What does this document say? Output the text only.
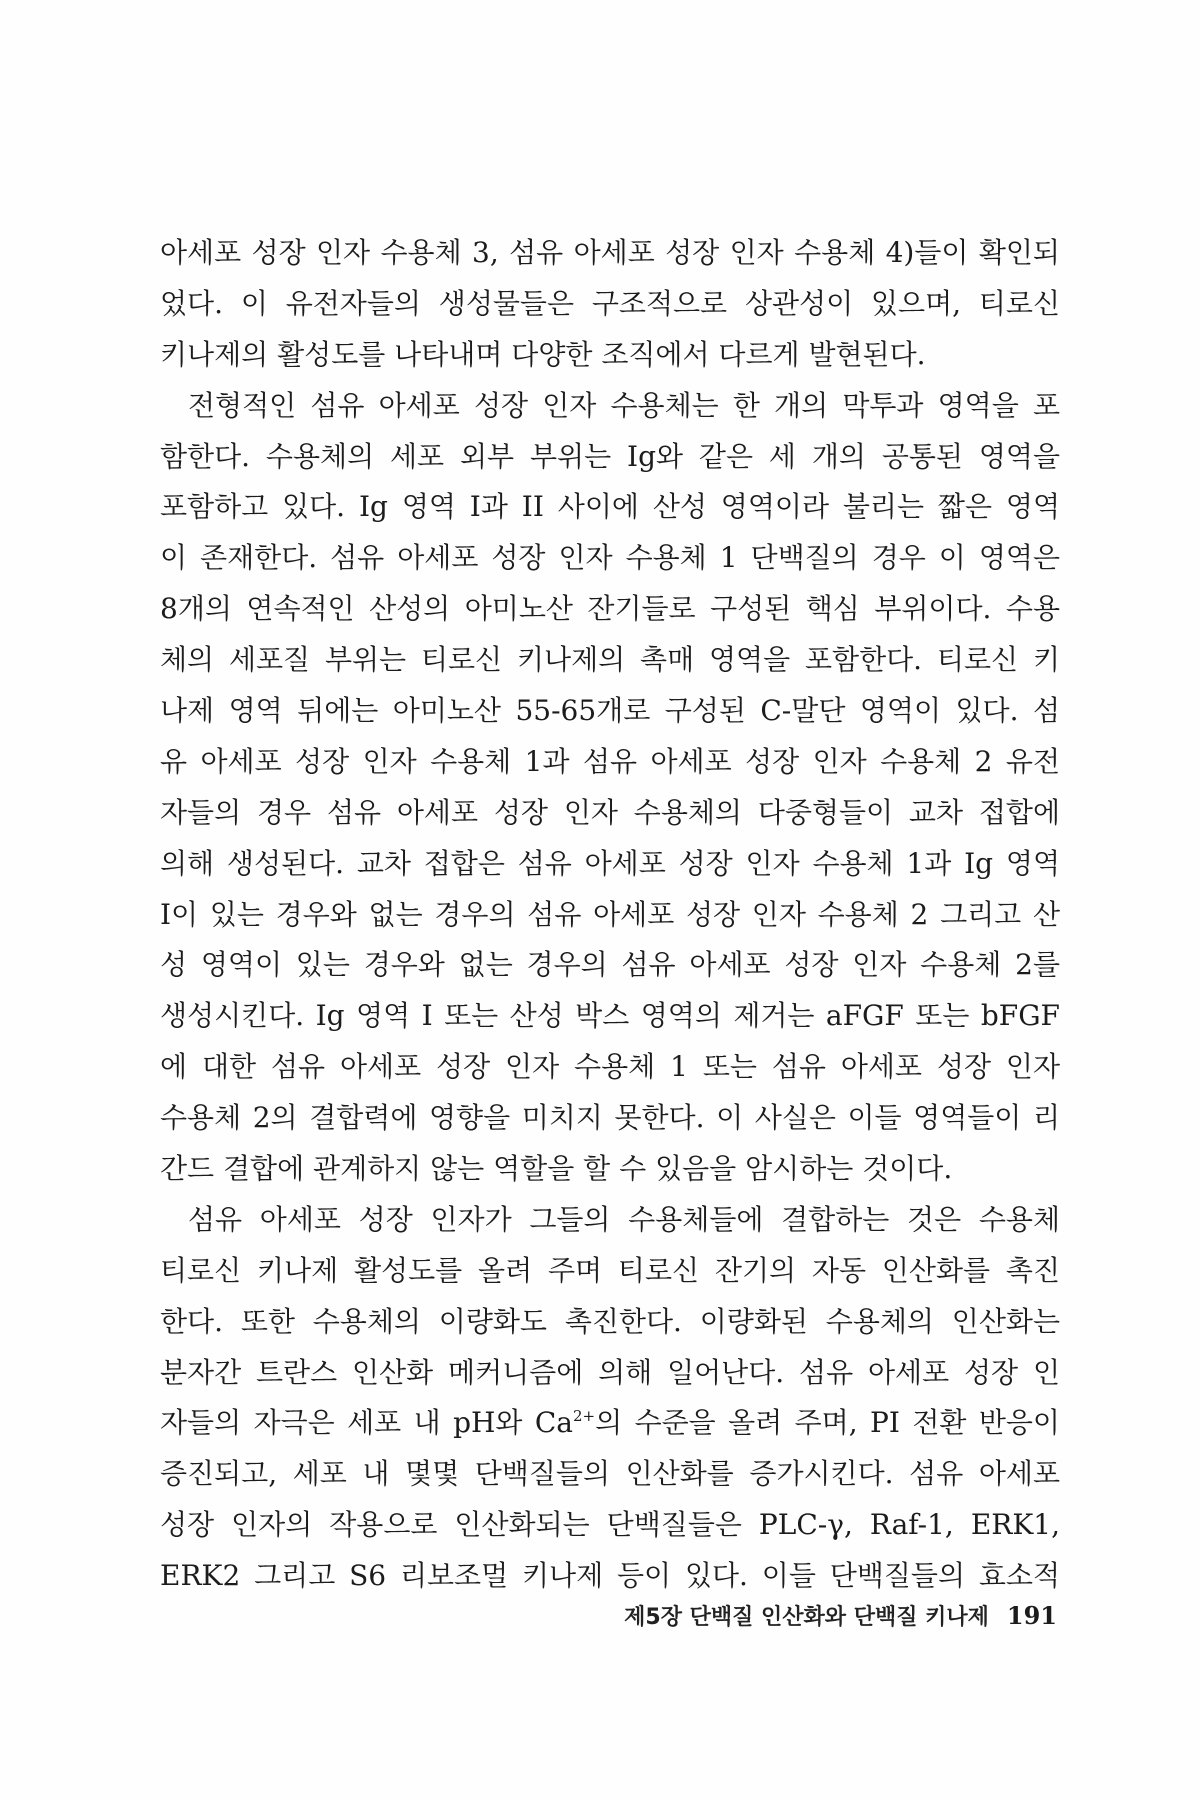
아세포 성장 인자 수용체 3, 섬유 아세포 성장 인자 수용체 4)들이 확인되
었다. 이 유전자들의 생성물들은 구조적으로 상관성이 있으며, 티로신
키나제의 활성도를 나타내며 다양한 조직에서 다르게 발현된다.
전형적인 섬유 아세포 성장 인자 수용체는 한 개의 막투과 영역을 포
함한다. 수용체의 세포 외부 부위는 Ig와 같은 세 개의 공통된 영역을
포함하고 있다. Ig 영역 I과 II 사이에 산성 영역이라 불리는 짧은 영역
이 존재한다. 섬유 아세포 성장 인자 수용체 1 단백질의 경우 이 영역은
8개의 연속적인 산성의 아미노산 잔기들로 구성된 핵심 부위이다. 수용
체의 세포질 부위는 티로신 키나제의 촉매 영역을 포함한다. 티로신 키
나제 영역 뒤에는 아미노산 55-65개로 구성된 C-말단 영역이 있다. 섬
유 아세포 성장 인자 수용체 1과 섬유 아세포 성장 인자 수용체 2 유전
자들의 경우 섬유 아세포 성장 인자 수용체의 다중형들이 교차 접합에
의해 생성된다. 교차 접합은 섬유 아세포 성장 인자 수용체 1과 Ig 영역
I이 있는 경우와 없는 경우의 섬유 아세포 성장 인자 수용체 2 그리고 산
성 영역이 있는 경우와 없는 경우의 섬유 아세포 성장 인자 수용체 2를
생성시킨다. Ig 영역 I 또는 산성 박스 영역의 제거는 aFGF 또는 bFGF
에 대한 섬유 아세포 성장 인자 수용체 1 또는 섬유 아세포 성장 인자
수용체 2의 결합력에 영향을 미치지 못한다. 이 사실은 이들 영역들이 리
간드 결합에 관계하지 않는 역할을 할 수 있음을 암시하는 것이다.
섬유 아세포 성장 인자가 그들의 수용체들에 결합하는 것은 수용체
티로신 키나제 활성도를 올려 주며 티로신 잔기의 자동 인산화를 촉진
한다. 또한 수용체의 이량화도 촉진한다. 이량화된 수용체의 인산화는
분자간 트란스 인산화 메커니즘에 의해 일어난다. 섬유 아세포 성장 인
자들의 자극은 세포 내 pH와 $Ca^{2+}$의 수준을 올려 주며, PI 전환 반응이
증진되고, 세포 내 몇몇 단백질들의 인산화를 증가시킨다. 섬유 아세포
성장 인자의 작용으로 인산화되는 단백질들은 PLC-γ, Raf-1, ERK1,
ERK2 그리고 S6 리보조멀 키나제 등이 있다. 이들 단백질들의 효소적
제5장 단백질 인산화와 단백질 키나제 191
